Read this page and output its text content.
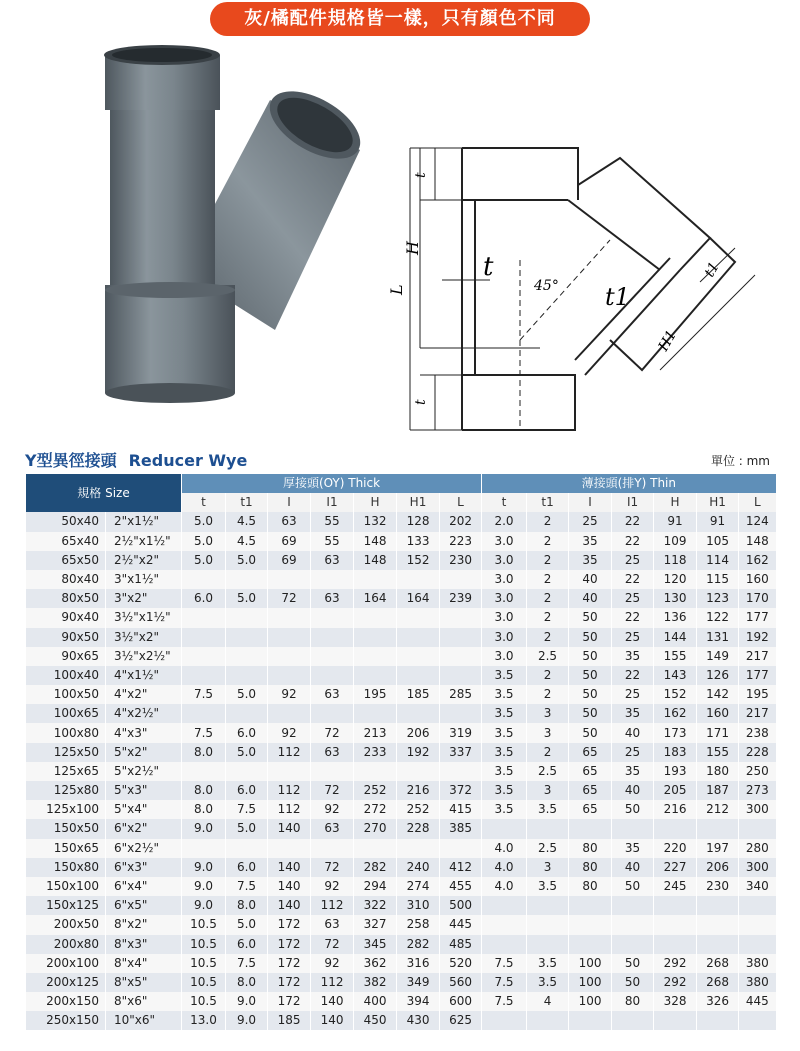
灰/橘配件規格皆一樣，只有顏色不同
t
H
L
t
t
45° t1
t1
H1
Y型異徑接頭 Reducer Wye	單位 : mm
規格 Size		厚接頭(OY) Thick							薄接頭(排Y) Thin						
		t	t1	I	I1	H	H1	L	t	t1	I	I1	H	H1	L
50x40	2"x1½"	5.0	4.5	63	55	132	128	202	2.0	2	25	22	91	91	124
65x40	2½"x1½"	5.0	4.5	69	55	148	133	223	3.0	2	35	22	109	105	148
65x50	2½"x2"	5.0	5.0	69	63	148	152	230	3.0	2	35	25	118	114	162
80x40	3"x1½"								3.0	2	40	22	120	115	160
80x50	3"x2"	6.0	5.0	72	63	164	164	239	3.0	2	40	25	130	123	170
90x40	3½"x1½"								3.0	2	50	22	136	122	177
90x50	3½"x2"								3.0	2	50	25	144	131	192
90x65	3½"x2½"								3.0	2.5	50	35	155	149	217
100x40	4"x1½"								3.5	2	50	22	143	126	177
100x50	4"x2"	7.5	5.0	92	63	195	185	285	3.5	2	50	25	152	142	195
100x65	4"x2½"								3.5	3	50	35	162	160	217
100x80	4"x3"	7.5	6.0	92	72	213	206	319	3.5	3	50	40	173	171	238
125x50	5"x2"	8.0	5.0	112	63	233	192	337	3.5	2	65	25	183	155	228
125x65	5"x2½"								3.5	2.5	65	35	193	180	250
125x80	5"x3"	8.0	6.0	112	72	252	216	372	3.5	3	65	40	205	187	273
125x100	5"x4"	8.0	7.5	112	92	272	252	415	3.5	3.5	65	50	216	212	300
150x50	6"x2"	9.0	5.0	140	63	270	228	385							
150x65	6"x2½"								4.0	2.5	80	35	220	197	280
150x80	6"x3"	9.0	6.0	140	72	282	240	412	4.0	3	80	40	227	206	300
150x100	6"x4"	9.0	7.5	140	92	294	274	455	4.0	3.5	80	50	245	230	340
150x125	6"x5"	9.0	8.0	140	112	322	310	500							
200x50	8"x2"	10.5	5.0	172	63	327	258	445							
200x80	8"x3"	10.5	6.0	172	72	345	282	485							
200x100	8"x4"	10.5	7.5	172	92	362	316	520	7.5	3.5	100	50	292	268	380
200x125	8"x5"	10.5	8.0	172	112	382	349	560	7.5	3.5	100	50	292	268	380
200x150	8"x6"	10.5	9.0	172	140	400	394	600	7.5	4	100	80	328	326	445
250x150	10"x6"	13.0	9.0	185	140	450	430	625							
